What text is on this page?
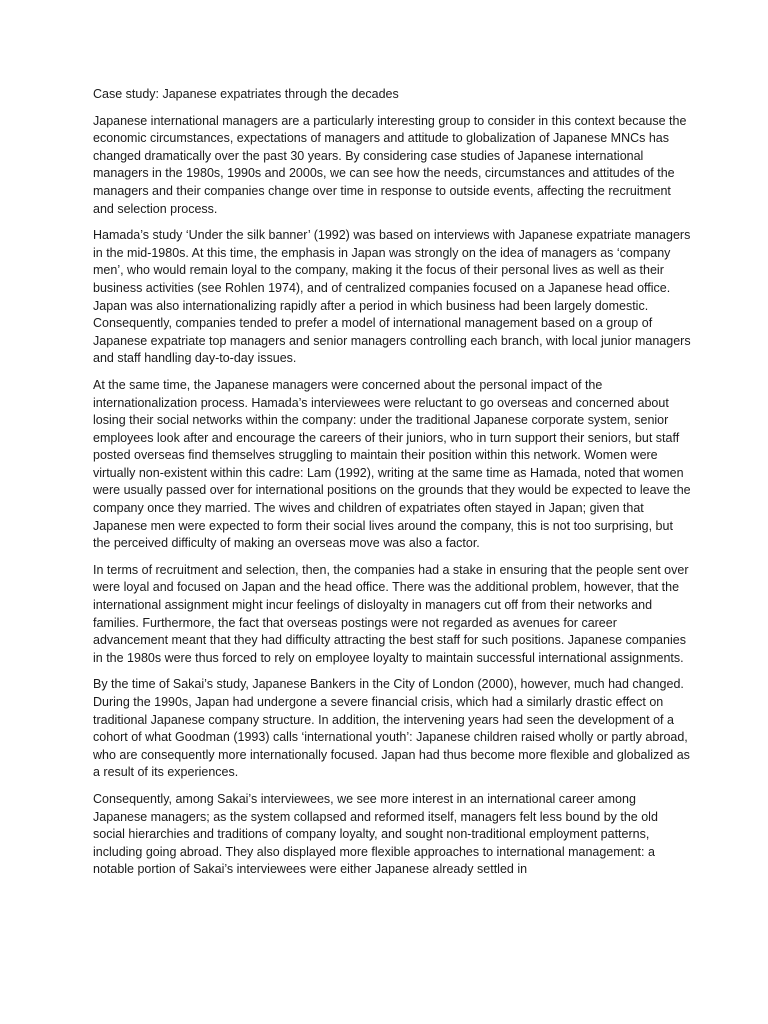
Case study: Japanese expatriates through the decades

Japanese international managers are a particularly interesting group to consider in this context because the economic circumstances, expectations of managers and attitude to globalization of Japanese MNCs has changed dramatically over the past 30 years. By considering case studies of Japanese international managers in the 1980s, 1990s and 2000s, we can see how the needs, circumstances and attitudes of the managers and their companies change over time in response to outside events, affecting the recruitment and selection process.

Hamada’s study ‘Under the silk banner’ (1992) was based on interviews with Japanese expatriate managers in the mid-1980s. At this time, the emphasis in Japan was strongly on the idea of managers as ‘company men’, who would remain loyal to the company, making it the focus of their personal lives as well as their business activities (see Rohlen 1974), and of centralized companies focused on a Japanese head office. Japan was also internationalizing rapidly after a period in which business had been largely domestic. Consequently, companies tended to prefer a model of international management based on a group of Japanese expatriate top managers and senior managers controlling each branch, with local junior managers and staff handling day-to-day issues.

At the same time, the Japanese managers were concerned about the personal impact of the internationalization process. Hamada’s interviewees were reluctant to go overseas and concerned about losing their social networks within the company: under the traditional Japanese corporate system, senior employees look after and encourage the careers of their juniors, who in turn support their seniors, but staff posted overseas find themselves struggling to maintain their position within this network. Women were virtually non-existent within this cadre: Lam (1992), writing at the same time as Hamada, noted that women were usually passed over for international positions on the grounds that they would be expected to leave the company once they married. The wives and children of expatriates often stayed in Japan; given that Japanese men were expected to form their social lives around the company, this is not too surprising, but the perceived difficulty of making an overseas move was also a factor.

In terms of recruitment and selection, then, the companies had a stake in ensuring that the people sent over were loyal and focused on Japan and the head office. There was the additional problem, however, that the international assignment might incur feelings of disloyalty in managers cut off from their networks and families. Furthermore, the fact that overseas postings were not regarded as avenues for career advancement meant that they had difficulty attracting the best staff for such positions. Japanese companies in the 1980s were thus forced to rely on employee loyalty to maintain successful international assignments.

By the time of Sakai’s study, Japanese Bankers in the City of London (2000), however, much had changed. During the 1990s, Japan had undergone a severe financial crisis, which had a similarly drastic effect on traditional Japanese company structure. In addition, the intervening years had seen the development of a cohort of what Goodman (1993) calls ‘international youth’: Japanese children raised wholly or partly abroad, who are consequently more internationally focused. Japan had thus become more flexible and globalized as a result of its experiences.

Consequently, among Sakai’s interviewees, we see more interest in an international career among Japanese managers; as the system collapsed and reformed itself, managers felt less bound by the old social hierarchies and traditions of company loyalty, and sought non-traditional employment patterns, including going abroad. They also displayed more flexible approaches to international management: a notable portion of Sakai’s interviewees were either Japanese already settled in
